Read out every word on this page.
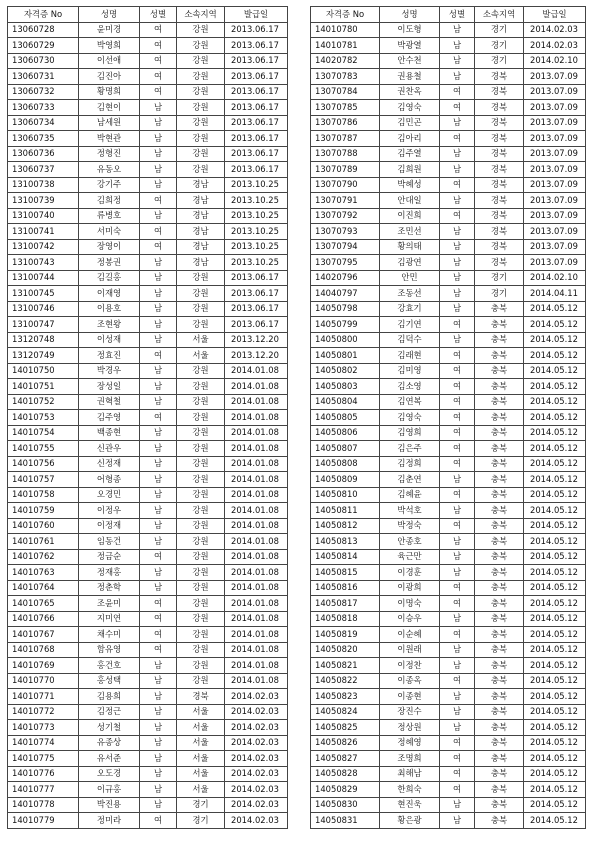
자격증 No	성명	성별	소속지역	발급일
13060728	윤미경	여	강원	2013.06.17
13060729	박영희	여	강원	2013.06.17
13060730	이선애	여	강원	2013.06.17
13060731	김진아	여	강원	2013.06.17
13060732	황명희	여	강원	2013.06.17
13060733	김현이	남	강원	2013.06.17
13060734	남세원	남	강원	2013.06.17
13060735	박현관	남	강원	2013.06.17
13060736	정형진	남	강원	2013.06.17
13060737	유동오	남	강원	2013.06.17
13100738	강기주	남	경남	2013.10.25
13100739	김희정	여	경남	2013.10.25
13100740	류병호	남	경남	2013.10.25
13100741	서미숙	여	경남	2013.10.25
13100742	장영이	여	경남	2013.10.25
13100743	정봉권	남	경남	2013.10.25
13100744	김길홍	남	강원	2013.06.17
13100745	이재영	남	강원	2013.06.17
13100746	이용호	남	강원	2013.06.17
13100747	조현왕	남	강원	2013.06.17
13120748	이성재	남	서울	2013.12.20
13120749	정효진	여	서울	2013.12.20
14010750	박경우	남	강원	2014.01.08
14010751	장성일	남	강원	2014.01.08
14010752	권혁철	남	강원	2014.01.08
14010753	김주영	여	강원	2014.01.08
14010754	백종현	남	강원	2014.01.08
14010755	신관우	남	강원	2014.01.08
14010756	신정재	남	강원	2014.01.08
14010757	어형종	남	강원	2014.01.08
14010758	오경민	남	강원	2014.01.08
14010759	이정우	남	강원	2014.01.08
14010760	이정재	남	강원	2014.01.08
14010761	임동건	남	강원	2014.01.08
14010762	정금순	여	강원	2014.01.08
14010763	정재홍	남	강원	2014.01.08
14010764	정춘학	남	강원	2014.01.08
14010765	조윤미	여	강원	2014.01.08
14010766	지미연	여	강원	2014.01.08
14010767	채수미	여	강원	2014.01.08
14010768	함유영	여	강원	2014.01.08
14010769	홍건호	남	강원	2014.01.08
14010770	홍성택	남	강원	2014.01.08
14010771	김용희	남	경북	2014.02.03
14010772	김정근	남	서울	2014.02.03
14010773	성기철	남	서울	2014.02.03
14010774	유종상	남	서울	2014.02.03
14010775	유서준	남	서울	2014.02.03
14010776	오도경	남	서울	2014.02.03
14010777	이규홍	남	서울	2014.02.03
14010778	박진용	남	경기	2014.02.03
14010779	정미라	여	경기	2014.02.03
자격증 No	성명	성별	소속지역	발급일
14010780	이도형	남	경기	2014.02.03
14010781	박광열	남	경기	2014.02.03
14020782	안수천	남	경기	2014.02.10
13070783	권용철	남	경북	2013.07.09
13070784	권찬옥	여	경북	2013.07.09
13070785	김영숙	여	경북	2013.07.09
13070786	김민곤	남	경북	2013.07.09
13070787	김아리	여	경북	2013.07.09
13070788	김주열	남	경북	2013.07.09
13070789	김희원	남	경북	2013.07.09
13070790	박혜성	여	경북	2013.07.09
13070791	안대일	남	경북	2013.07.09
13070792	이진희	여	경북	2013.07.09
13070793	조민선	남	경북	2013.07.09
13070794	황의태	남	경북	2013.07.09
13070795	김광연	남	경북	2013.07.09
14020796	안민	남	경기	2014.02.10
14040797	조동선	남	경기	2014.04.11
14050798	강효기	남	충북	2014.05.12
14050799	김기연	여	충북	2014.05.12
14050800	김덕수	남	충북	2014.05.12
14050801	김래현	여	충북	2014.05.12
14050802	김미영	여	충북	2014.05.12
14050803	김소영	여	충북	2014.05.12
14050804	김연복	여	충북	2014.05.12
14050805	김영숙	여	충북	2014.05.12
14050806	김영희	여	충북	2014.05.12
14050807	김은주	여	충북	2014.05.12
14050808	김정희	여	충북	2014.05.12
14050809	김춘연	남	충북	2014.05.12
14050810	김혜윤	여	충북	2014.05.12
14050811	박석호	남	충북	2014.05.12
14050812	박정숙	여	충북	2014.05.12
14050813	안종호	남	충북	2014.05.12
14050814	육근만	남	충북	2014.05.12
14050815	이경훈	남	충북	2014.05.12
14050816	이광희	여	충북	2014.05.12
14050817	이명숙	여	충북	2014.05.12
14050818	이승우	남	충북	2014.05.12
14050819	이순혜	여	충북	2014.05.12
14050820	이원래	남	충북	2014.05.12
14050821	이정찬	남	충북	2014.05.12
14050822	이종옥	여	충북	2014.05.12
14050823	이종현	남	충북	2014.05.12
14050824	장진수	남	충북	2014.05.12
14050825	정상원	남	충북	2014.05.12
14050826	정혜영	여	충북	2014.05.12
14050827	조명희	여	충북	2014.05.12
14050828	최해남	여	충북	2014.05.12
14050829	한희숙	여	충북	2014.05.12
14050830	현진욱	남	충북	2014.05.12
14050831	황은광	남	충북	2014.05.12
